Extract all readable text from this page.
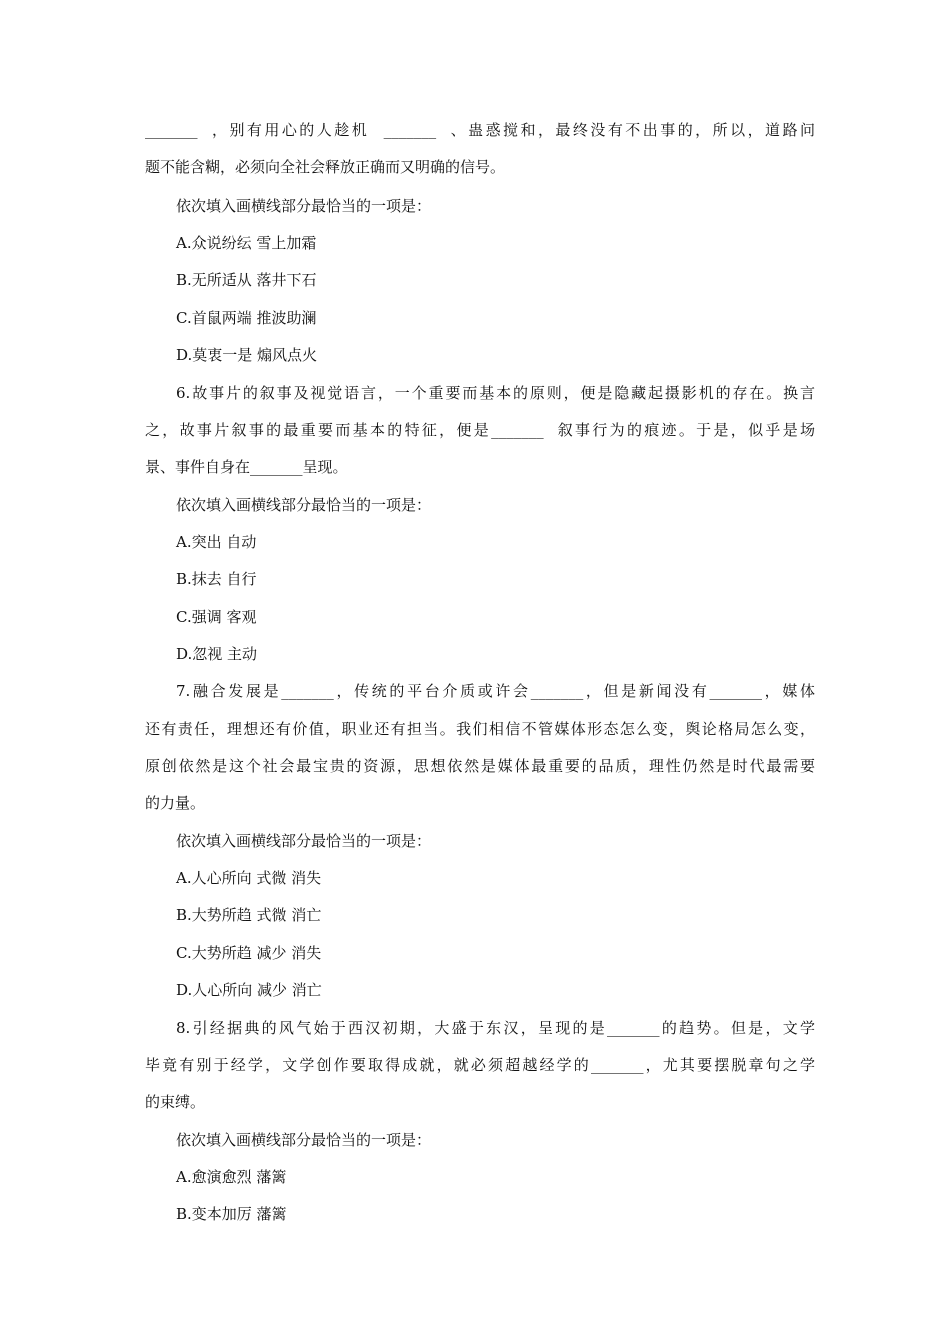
_______  ，别有用心的人趁机  _______  、蛊惑搅和，最终没有不出事的，所以，道路问
题不能含糊，必须向全社会释放正确而又明确的信号。
依次填入画横线部分最恰当的一项是：
A.众说纷纭 雪上加霜
B.无所适从 落井下石
C.首鼠两端 推波助澜
D.莫衷一是 煽风点火
6.故事片的叙事及视觉语言，一个重要而基本的原则，便是隐藏起摄影机的存在。换言
之，故事片叙事的最重要而基本的特征，便是_______  叙事行为的痕迹。于是，似乎是场
景、事件自身在_______呈现。
依次填入画横线部分最恰当的一项是：
A.突出 自动
B.抹去 自行
C.强调 客观
D.忽视 主动
7.融合发展是_______，传统的平台介质或许会_______，但是新闻没有_______，媒体
还有责任，理想还有价值，职业还有担当。我们相信不管媒体形态怎么变，舆论格局怎么变，
原创依然是这个社会最宝贵的资源，思想依然是媒体最重要的品质，理性仍然是时代最需要
的力量。
依次填入画横线部分最恰当的一项是：
A.人心所向 式微 消失
B.大势所趋 式微 消亡
C.大势所趋 减少 消失
D.人心所向 减少 消亡
8.引经据典的风气始于西汉初期，大盛于东汉，呈现的是_______的趋势。但是，文学
毕竟有别于经学，文学创作要取得成就，就必须超越经学的_______，尤其要摆脱章句之学
的束缚。
依次填入画横线部分最恰当的一项是：
A.愈演愈烈 藩篱
B.变本加厉 藩篱
